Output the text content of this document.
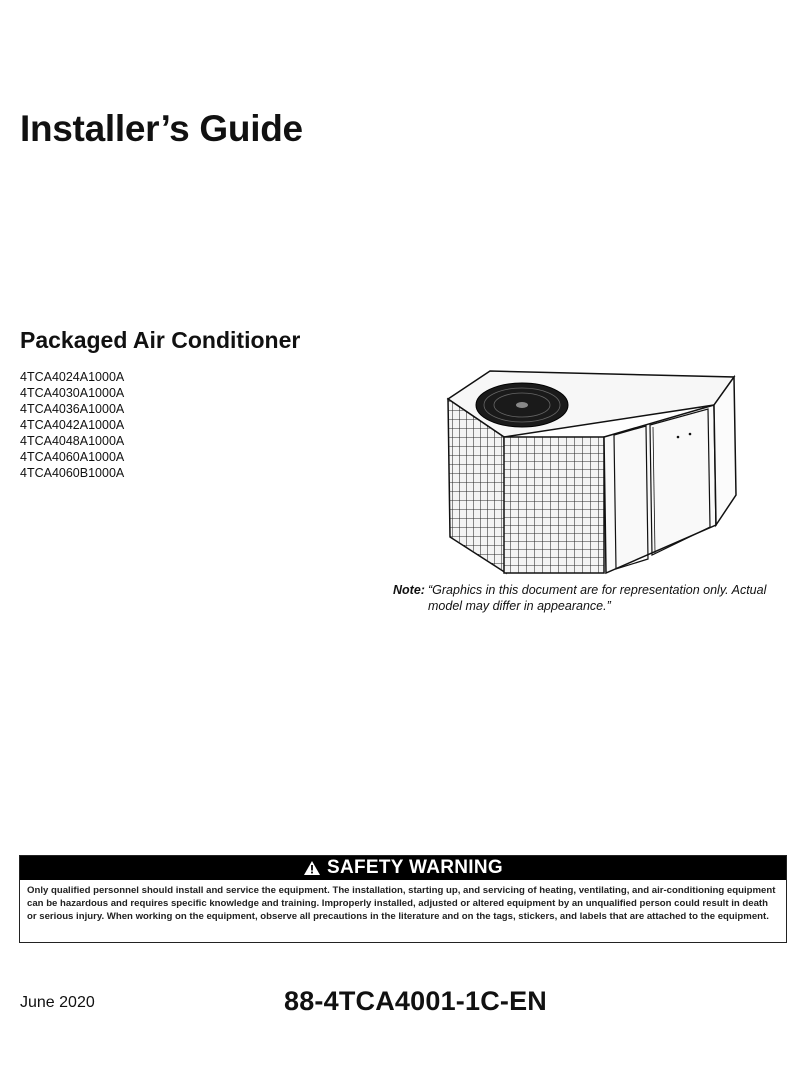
Installer’s Guide
Packaged Air Conditioner
4TCA4024A1000A
4TCA4030A1000A
4TCA4036A1000A
4TCA4042A1000A
4TCA4048A1000A
4TCA4060A1000A
4TCA4060B1000A
Note: “Graphics in this document are for representation only. Actual model may differ in appearance.”
SAFETY WARNING
Only qualified personnel should install and service the equipment. The installation, starting up, and servicing of heating, ventilating, and air-conditioning equipment can be hazardous and requires specific knowledge and training. Improperly installed, adjusted or altered equipment by an unqualified person could result in death or serious injury. When working on the equipment, observe all precautions in the literature and on the tags, stickers, and labels that are attached to the equipment.
June 2020	88-4TCA4001-1C-EN
